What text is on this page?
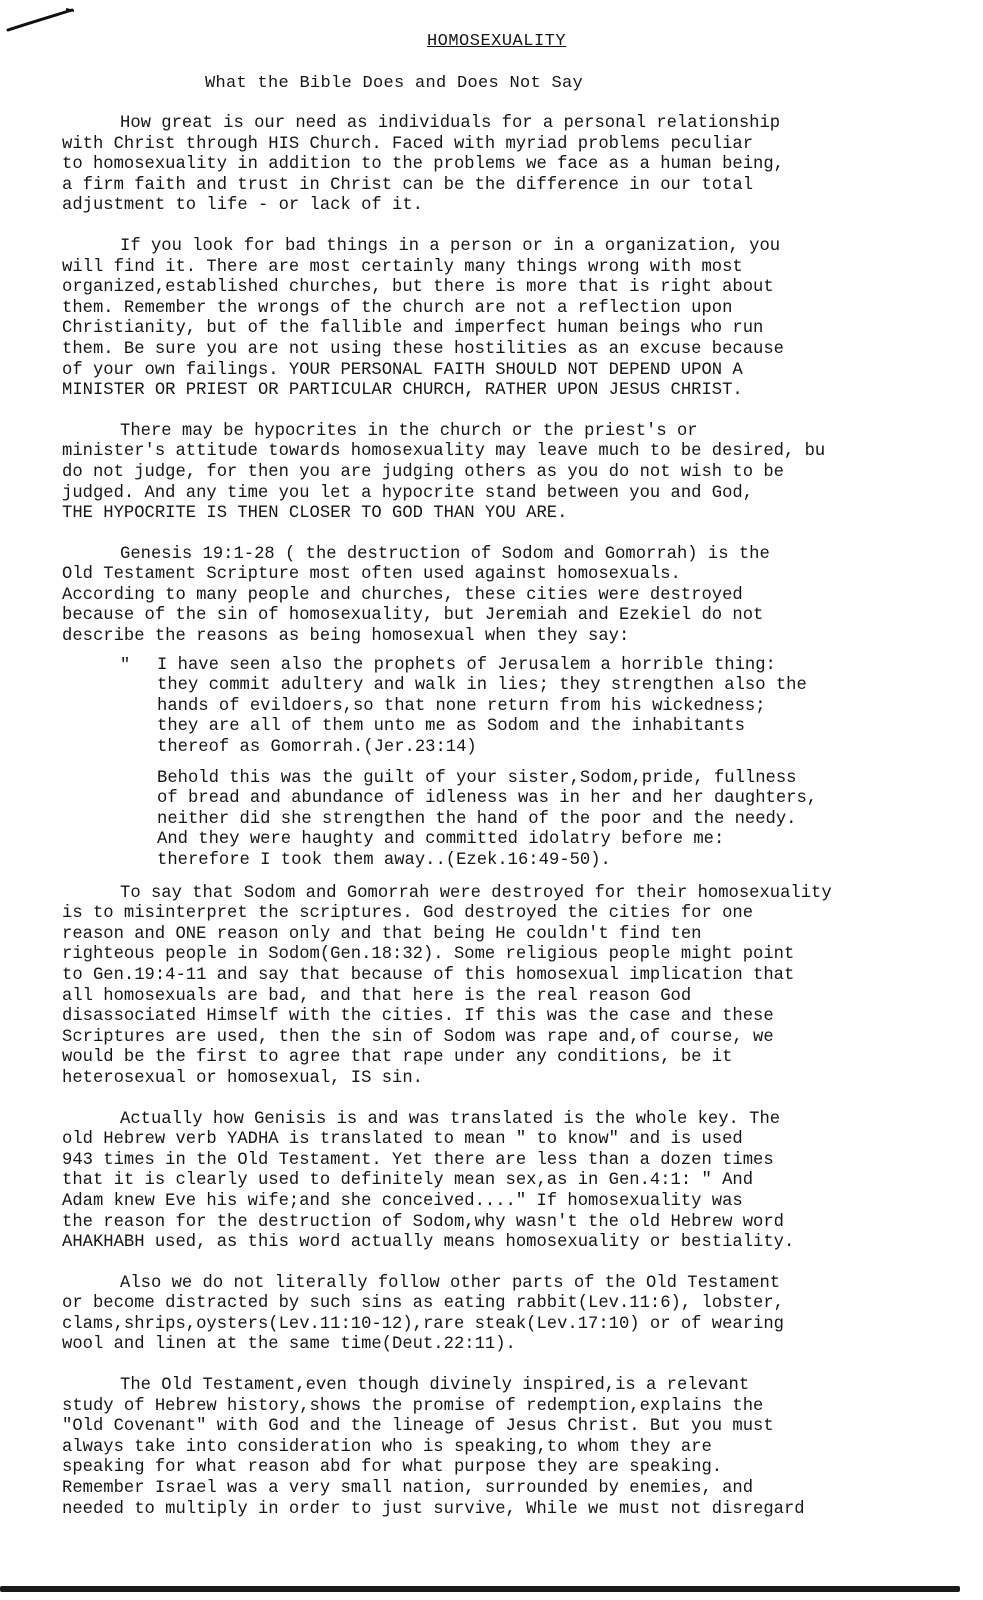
HOMOSEXUALITY
What the Bible Does and Does Not Say

How great is our need as individuals for a personal relationship
with Christ through HIS Church. Faced with myriad problems peculiar
to homosexuality in addition to the problems we face as a human being,
a firm faith and trust in Christ can be the difference in our total
adjustment to life - or lack of it.

If you look for bad things in a person or in a organization, you
will find it. There are most certainly many things wrong with most
organized,established churches, but there is more that is right about
them. Remember the wrongs of the church are not a reflection upon
Christianity, but of the fallible and imperfect human beings who run
them. Be sure you are not using these hostilities as an excuse because
of your own failings. YOUR PERSONAL FAITH SHOULD NOT DEPEND UPON A
MINISTER OR PRIEST OR PARTICULAR CHURCH, RATHER UPON JESUS CHRIST.

There may be hypocrites in the church or the priest's or
minister's attitude towards homosexuality may leave much to be desired, bu
do not judge, for then you are judging others as you do not wish to be
judged. And any time you let a hypocrite stand between you and God,
THE HYPOCRITE IS THEN CLOSER TO GOD THAN YOU ARE.

Genesis 19:1-28 ( the destruction of Sodom and Gomorrah) is the
Old Testament Scripture most often used against homosexuals.
According to many people and churches, these cities were destroyed
because of the sin of homosexuality, but Jeremiah and Ezekiel do not
describe the reasons as being homosexual when they say:

" I have seen also the prophets of Jerusalem a horrible thing:
they commit adultery and walk in lies; they strengthen also the
hands of evildoers,so that none return from his wickedness;
they are all of them unto me as Sodom and the inhabitants
thereof as Gomorrah.(Jer.23:14)

Behold this was the guilt of your sister,Sodom,pride, fullness
of bread and abundance of idleness was in her and her daughters,
neither did she strengthen the hand of the poor and the needy.
And they were haughty and committed idolatry before me:
therefore I took them away..(Ezek.16:49-50).

To say that Sodom and Gomorrah were destroyed for their homosexuality
is to misinterpret the scriptures. God destroyed the cities for one
reason and ONE reason only and that being He couldn't find ten
righteous people in Sodom(Gen.18:32). Some religious people might point
to Gen.19:4-11 and say that because of this homosexual implication that
all homosexuals are bad, and that here is the real reason God
disassociated Himself with the cities. If this was the case and these
Scriptures are used, then the sin of Sodom was rape and,of course, we
would be the first to agree that rape under any conditions, be it
heterosexual or homosexual, IS sin.

Actually how Genisis is and was translated is the whole key. The
old Hebrew verb YADHA is translated to mean " to know" and is used
943 times in the Old Testament. Yet there are less than a dozen times
that it is clearly used to definitely mean sex,as in Gen.4:1: " And
Adam knew Eve his wife;and she conceived...." If homosexuality was
the reason for the destruction of Sodom,why wasn't the old Hebrew word
AHAKHABH used, as this word actually means homosexuality or bestiality.

Also we do not literally follow other parts of the Old Testament
or become distracted by such sins as eating rabbit(Lev.11:6), lobster,
clams,shrips,oysters(Lev.11:10-12),rare steak(Lev.17:10) or of wearing
wool and linen at the same time(Deut.22:11).

The Old Testament,even though divinely inspired,is a relevant
study of Hebrew history,shows the promise of redemption,explains the
"Old Covenant" with God and the lineage of Jesus Christ. But you must
always take into consideration who is speaking,to whom they are
speaking for what reason abd for what purpose they are speaking.
Remember Israel was a very small nation, surrounded by enemies, and
needed to multiply in order to just survive, While we must not disregard
